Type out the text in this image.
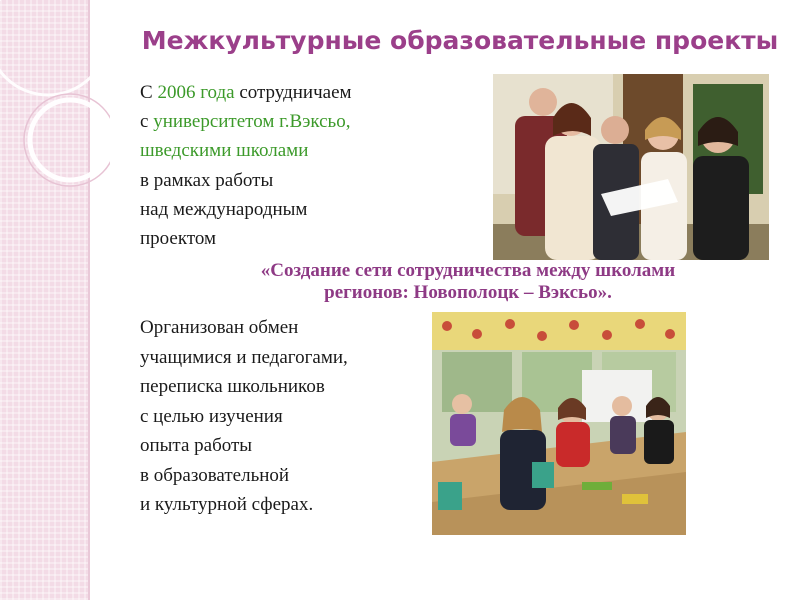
Межкультурные образовательные проекты
С 2006 года сотрудничаем
с университетом г.Вэксьо,
шведскими школами
в рамках работы
над международным
проектом
«Создание сети сотрудничества между школами
регионов: Новополоцк – Вэксьо».
Организован обмен
учащимися и педагогами,
переписка школьников
с целью изучения
опыта работы
в образовательной
и культурной сферах.
